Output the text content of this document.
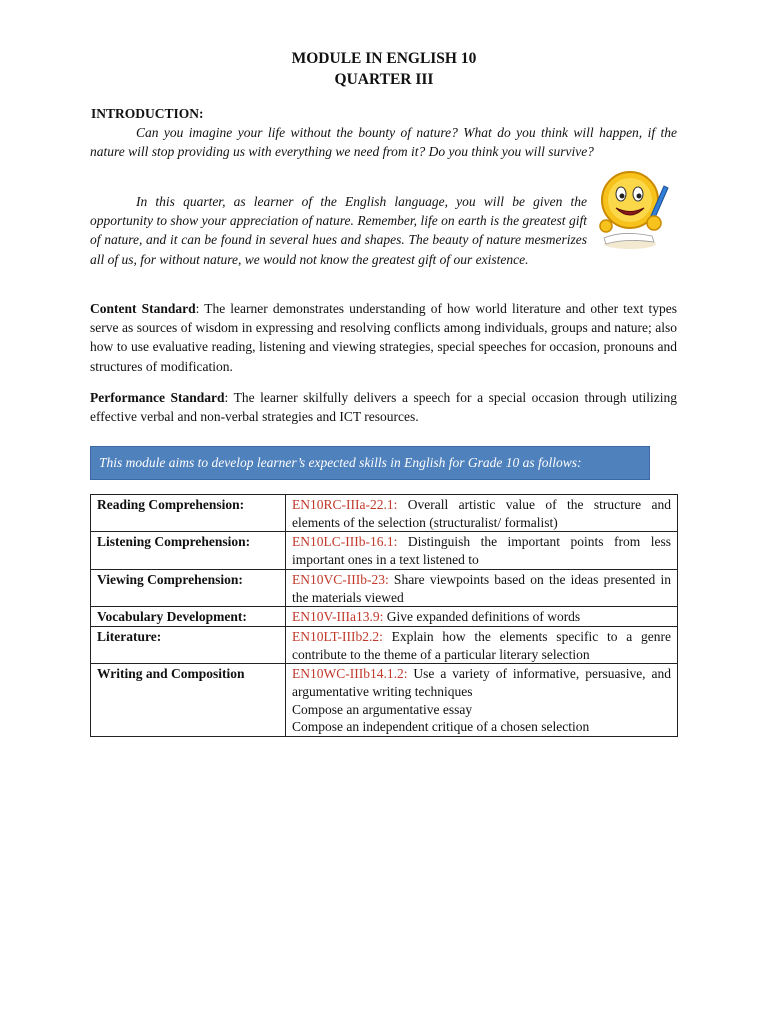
MODULE IN ENGLISH 10
QUARTER III
INTRODUCTION:

Can you imagine your life without the bounty of nature? What do you think will happen, if the nature will stop providing us with everything we need from it? Do you think you will survive?

In this quarter, as learner of the English language, you will be given the opportunity to show your appreciation of nature. Remember, life on earth is the greatest gift of nature, and it can be found in several hues and shapes. The beauty of nature mesmerizes all of us, for without nature, we would not know the greatest gift of our existence.

Content Standard: The learner demonstrates understanding of how world literature and other text types serve as sources of wisdom in expressing and resolving conflicts among individuals, groups and nature; also how to use evaluative reading, listening and viewing strategies, special speeches for occasion, pronouns and structures of modification.

Performance Standard: The learner skilfully delivers a speech for a special occasion through utilizing effective verbal and non-verbal strategies and ICT resources.

This module aims to develop learner’s expected skills in English for Grade 10 as follows:
Reading Comprehension:	EN10RC-IIIa-22.1: Overall artistic value of the structure and elements of the selection (structuralist/ formalist)
Listening Comprehension:	EN10LC-IIIb-16.1: Distinguish the important points from less important ones in a text listened to
Viewing Comprehension:	EN10VC-IIIb-23: Share viewpoints based on the ideas presented in the materials viewed
Vocabulary Development:	EN10V-IIIa13.9: Give expanded definitions of words
Literature:	EN10LT-IIIb2.2: Explain how the elements specific to a genre contribute to the theme of a particular literary selection
Writing and Composition	EN10WC-IIIb14.1.2: Use a variety of informative, persuasive, and argumentative writing techniques
Compose an argumentative essay
Compose an independent critique of a chosen selection
